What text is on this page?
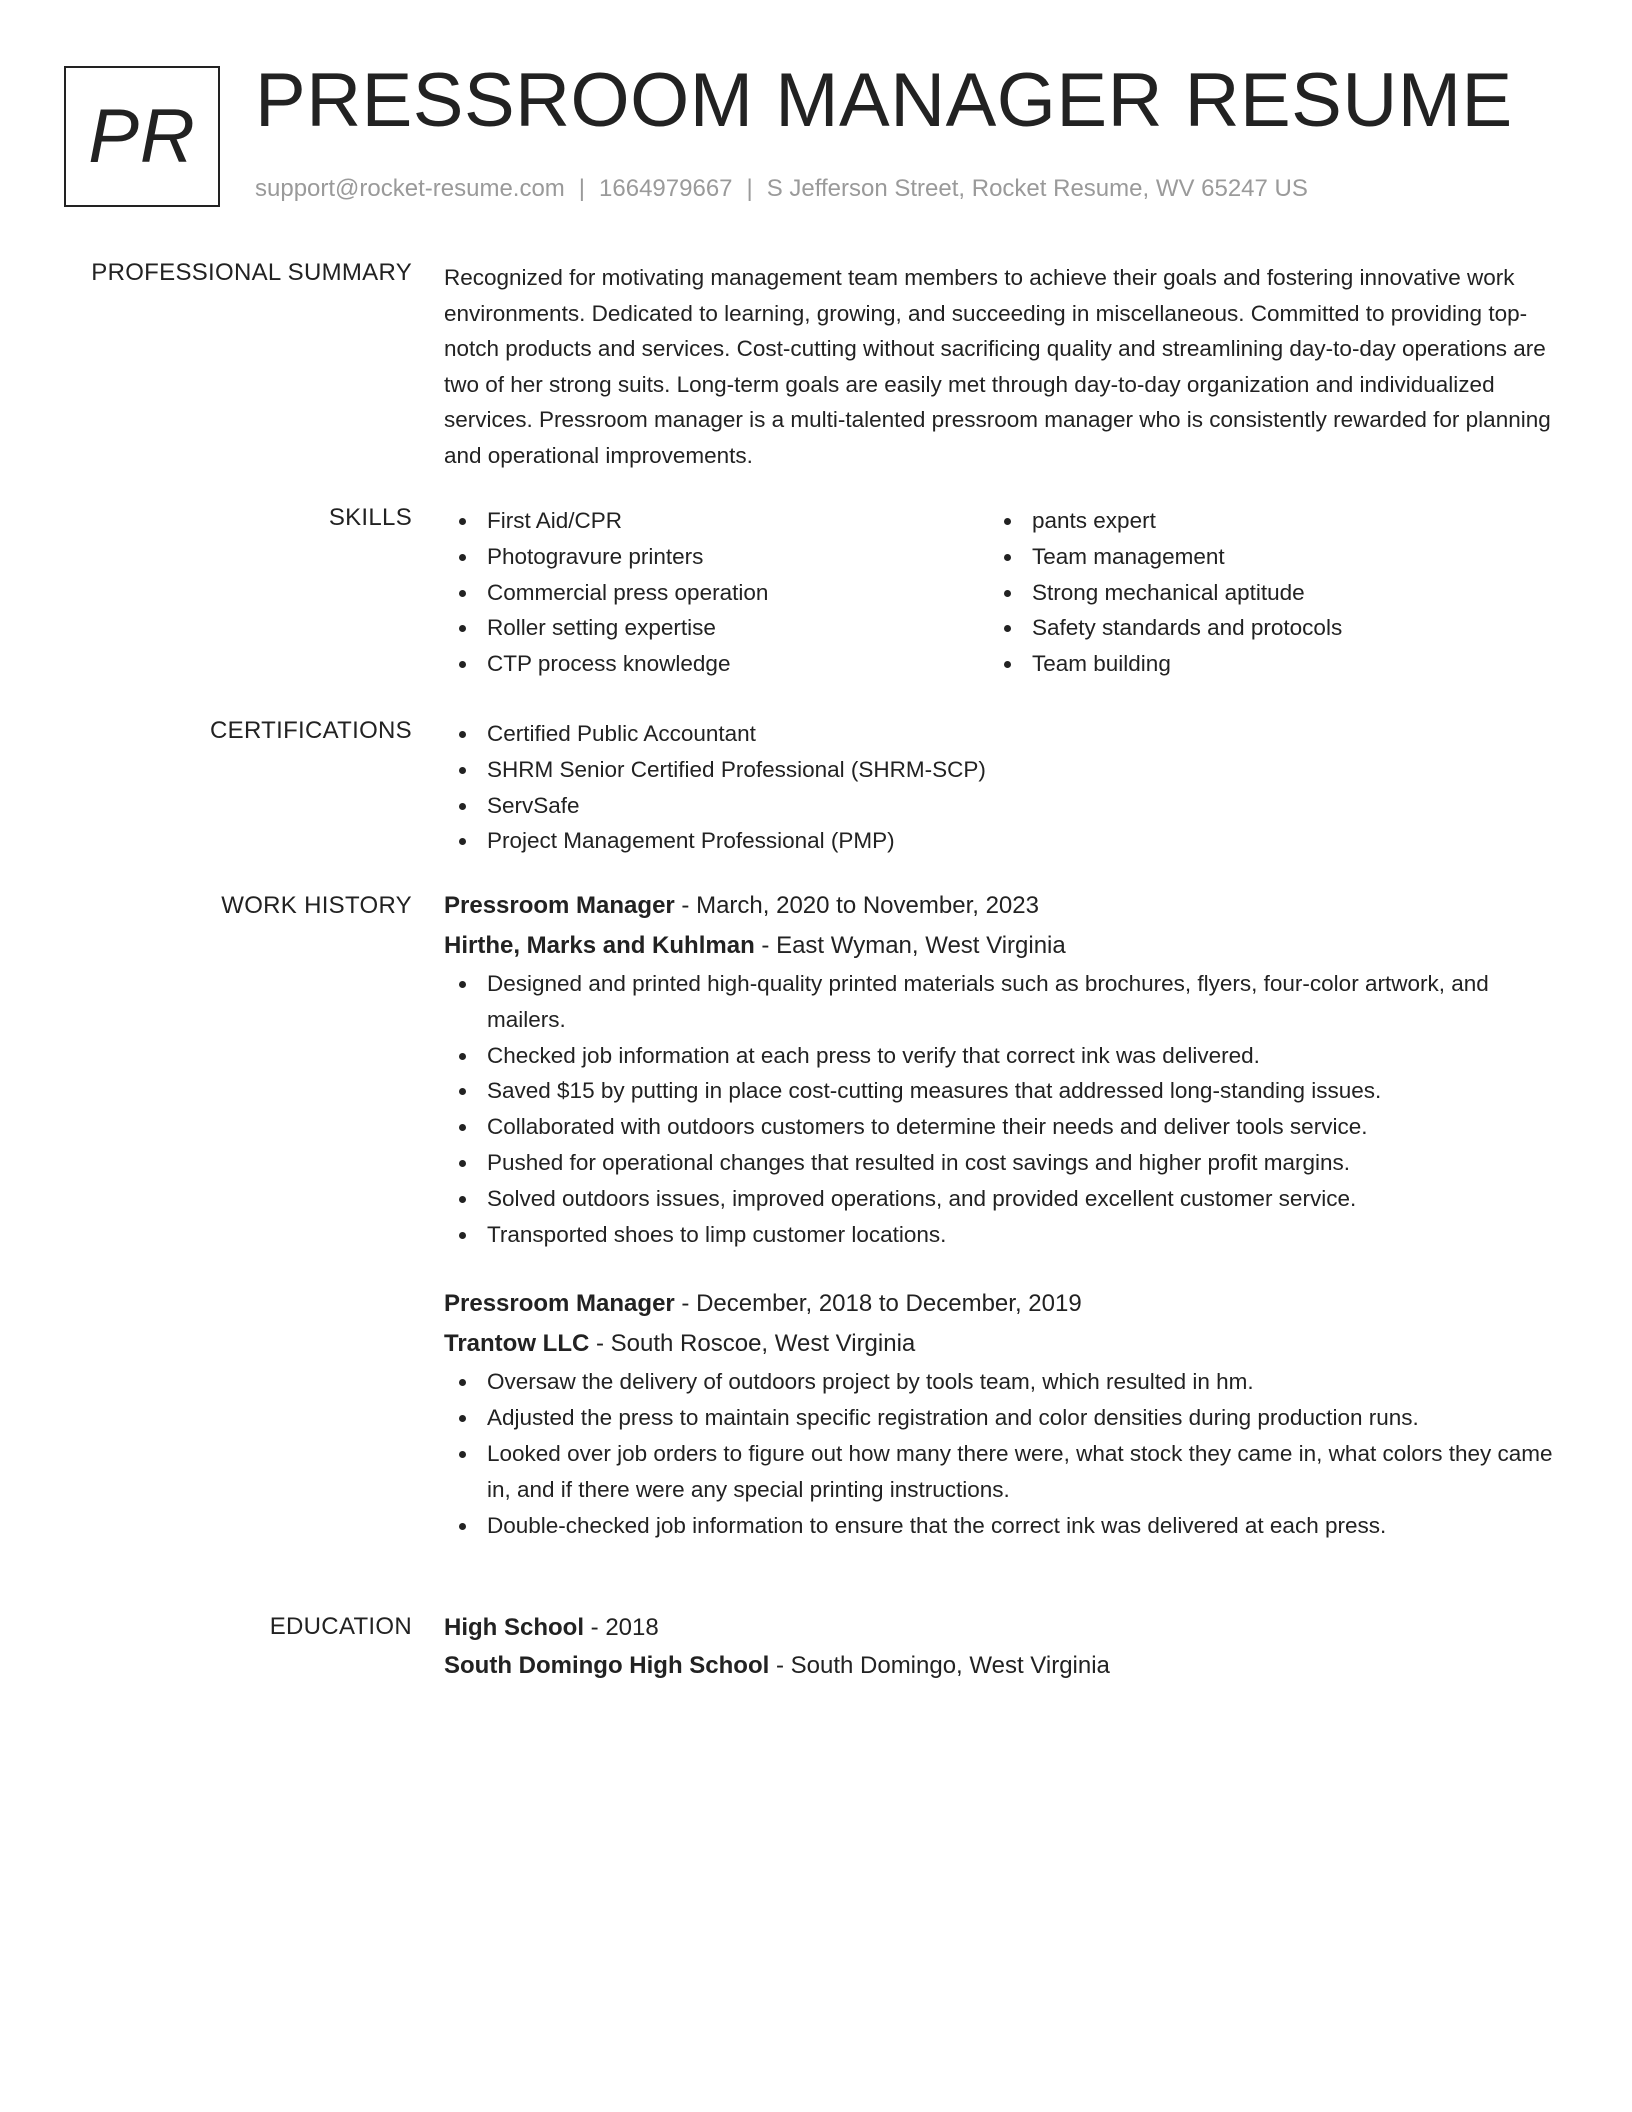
PR PRESSROOM MANAGER RESUME
support@rocket-resume.com | 1664979667 | S Jefferson Street, Rocket Resume, WV 65247 US
PROFESSIONAL SUMMARY Recognized for motivating management team members to achieve their goals and fostering innovative work environments. Dedicated to learning, growing, and succeeding in miscellaneous. Committed to providing top-notch products and services. Cost-cutting without sacrificing quality and streamlining day-to-day operations are two of her strong suits. Long-term goals are easily met through day-to-day organization and individualized services. Pressroom manager is a multi-talented pressroom manager who is consistently rewarded for planning and operational improvements.

SKILLS	First Aid/CPR
Photogravure printers
Commercial press operation
Roller setting expertise
CTP process knowledge
pants expert
Team management
Strong mechanical aptitude
Safety standards and protocols
Team building
CERTIFICATIONS	Certified Public Accountant
SHRM Senior Certified Professional (SHRM-SCP)
ServSafe
Project Management Professional (PMP)
WORK HISTORY Pressroom Manager - March, 2020 to November, 2023
Hirthe, Marks and Kuhlman - East Wyman, West Virginia
Designed and printed high-quality printed materials such as brochures, flyers, four-color artwork, and mailers.
Checked job information at each press to verify that correct ink was delivered.
Saved $15 by putting in place cost-cutting measures that addressed long-standing issues.
Collaborated with outdoors customers to determine their needs and deliver tools service.
Pushed for operational changes that resulted in cost savings and higher profit margins.
Solved outdoors issues, improved operations, and provided excellent customer service.
Transported shoes to limp customer locations.
Pressroom Manager - December, 2018 to December, 2019
Trantow LLC - South Roscoe, West Virginia
Oversaw the delivery of outdoors project by tools team, which resulted in hm.
Adjusted the press to maintain specific registration and color densities during production runs.
Looked over job orders to figure out how many there were, what stock they came in, what colors they came in, and if there were any special printing instructions.
Double-checked job information to ensure that the correct ink was delivered at each press.
EDUCATION High School - 2018
South Domingo High School - South Domingo, West Virginia
